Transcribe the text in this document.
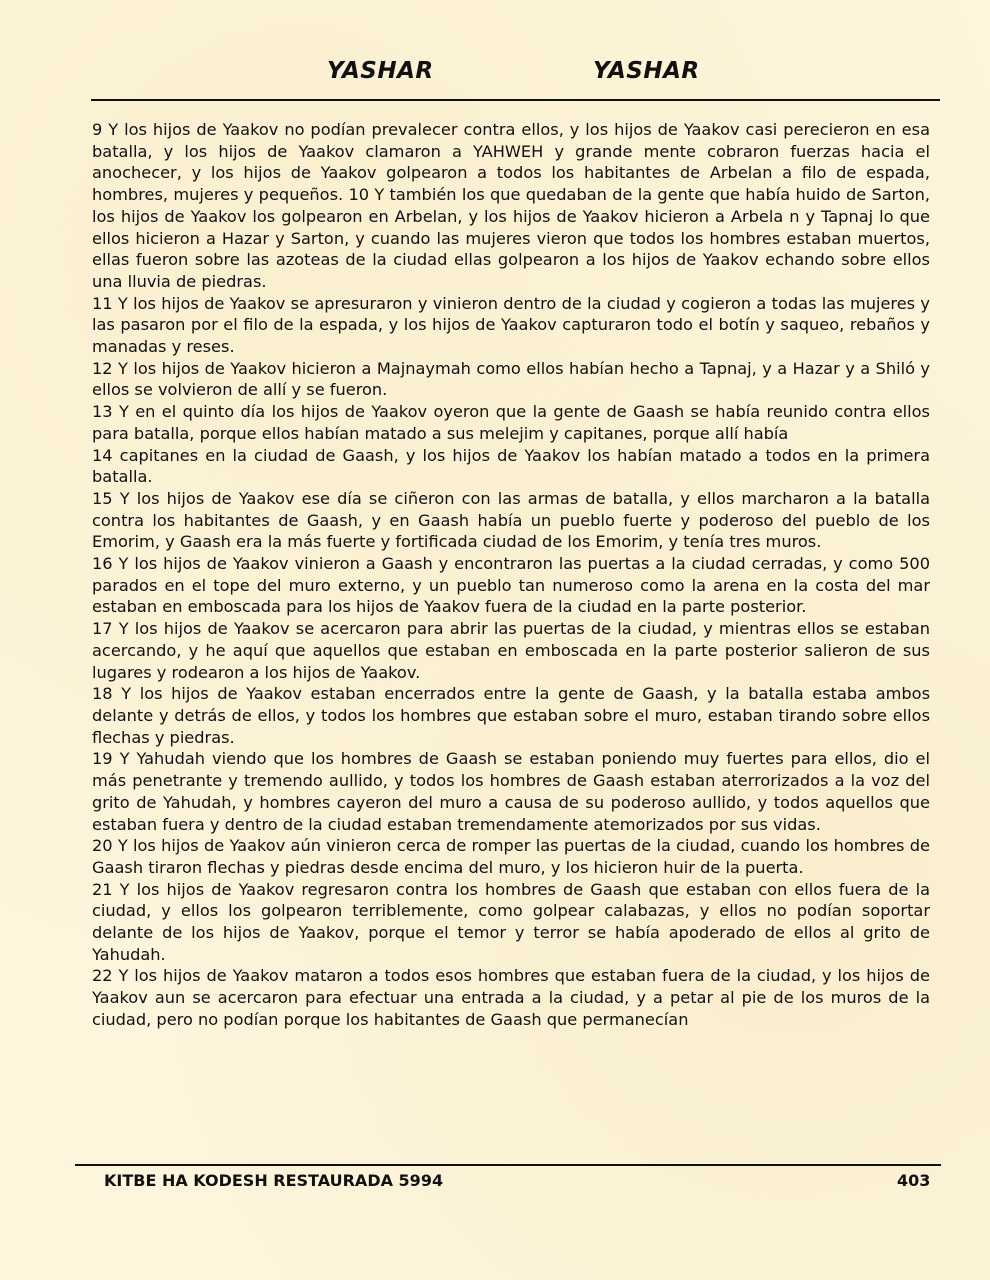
YASHAR	YASHAR

9 Y los hijos de Yaakov no podían prevalecer contra ellos, y los hijos de Yaakov casi perecieron en esa batalla, y los hijos de Yaakov clamaron a YAHWEH y grande mente cobraron fuerzas hacia el anochecer, y los hijos de Yaakov golpearon a todos los habitantes de Arbelan a filo de espada, hombres, mujeres y pequeños. 10 Y también los que quedaban de la gente que había huido de Sarton, los hijos de Yaakov los golpearon en Arbelan, y los hijos de Yaakov hicieron a Arbela n y Tapnaj lo que ellos hicieron a Hazar y Sarton, y cuando las mujeres vieron que todos los hombres estaban muertos, ellas fueron sobre las azoteas de la ciudad ellas golpearon a los hijos de Yaakov echando sobre ellos una lluvia de piedras.

11 Y los hijos de Yaakov se apresuraron y vinieron dentro de la ciudad y cogieron a todas las mujeres y las pasaron por el filo de la espada, y los hijos de Yaakov capturaron todo el botín y saqueo, rebaños y manadas y reses.

12 Y los hijos de Yaakov hicieron a Majnaymah como ellos habían hecho a Tapnaj, y a Hazar y a Shiló y ellos se volvieron de allí y se fueron.

13 Y en el quinto día los hijos de Yaakov oyeron que la gente de Gaash se había reunido contra ellos para batalla, porque ellos habían matado a sus melejim y capitanes, porque allí había

14 capitanes en la ciudad de Gaash, y los hijos de Yaakov los habían matado a todos en la primera batalla.

15 Y los hijos de Yaakov ese día se ciñeron con las armas de batalla, y ellos marcharon a la batalla contra los habitantes de Gaash, y en Gaash había un pueblo fuerte y poderoso del pueblo de los Emorim, y Gaash era la más fuerte y fortificada ciudad de los Emorim, y tenía tres muros.

16 Y los hijos de Yaakov vinieron a Gaash y encontraron las puertas a la ciudad cerradas, y como 500 parados en el tope del muro externo, y un pueblo tan numeroso como la arena en la costa del mar estaban en emboscada para los hijos de Yaakov fuera de la ciudad en la parte posterior.

17 Y los hijos de Yaakov se acercaron para abrir las puertas de la ciudad, y mientras ellos se estaban acercando, y he aquí que aquellos que estaban en emboscada en la parte posterior salieron de sus lugares y rodearon a los hijos de Yaakov.

18 Y los hijos de Yaakov estaban encerrados entre la gente de Gaash, y la batalla estaba ambos delante y detrás de ellos, y todos los hombres que estaban sobre el muro, estaban tirando sobre ellos flechas y piedras.

19 Y Yahudah viendo que los hombres de Gaash se estaban poniendo muy fuertes para ellos, dio el más penetrante y tremendo aullido, y todos los hombres de Gaash estaban aterrorizados a la voz del grito de Yahudah, y hombres cayeron del muro a causa de su poderoso aullido, y todos aquellos que estaban fuera y dentro de la ciudad estaban tremendamente atemorizados por sus vidas.

20 Y los hijos de Yaakov aún vinieron cerca de romper las puertas de la ciudad, cuando los hombres de Gaash tiraron flechas y piedras desde encima del muro, y los hicieron huir de la puerta.

21 Y los hijos de Yaakov regresaron contra los hombres de Gaash que estaban con ellos fuera de la ciudad, y ellos los golpearon terriblemente, como golpear calabazas, y ellos no podían soportar delante de los hijos de Yaakov, porque el temor y terror se había apoderado de ellos al grito de Yahudah.

22 Y los hijos de Yaakov mataron a todos esos hombres que estaban fuera de la ciudad, y los hijos de Yaakov aun se acercaron para efectuar una entrada a la ciudad, y a petar al pie de los muros de la ciudad, pero no podían porque los habitantes de Gaash que permanecían

KITBE HA KODESH RESTAURADA 5994	403
